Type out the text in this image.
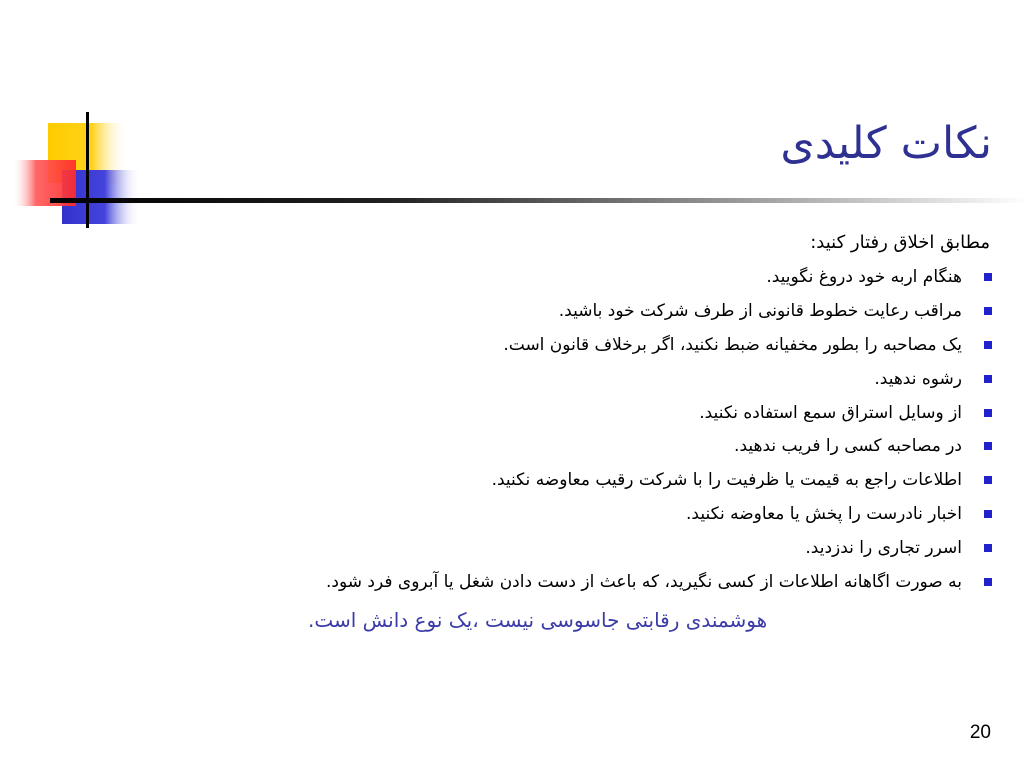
نکات کلیدی
مطابق اخلاق رفتار کنید:
هنگام اربه خود دروغ نگویید.
مراقب رعایت خطوط قانونی از طرف شرکت خود باشید.
یک مصاحبه را بطور مخفیانه ضبط نکنید، اگر برخلاف قانون است.
رشوه ندهید.
از وسایل استراق سمع استفاده نکنید.
در مصاحبه کسی را فریب ندهید.
اطلاعات راجع به قیمت یا ظرفیت را با شرکت رقیب معاوضه نکنید.
اخبار نادرست را پخش یا معاوضه نکنید.
اسرر تجاری را ندزدید.
به صورت اگاهانه اطلاعات از کسی نگیرید، که باعث از دست دادن شغل یا آبروی فرد شود.
هوشمندی رقابتی جاسوسی نیست ،یک نوع دانش است.
20
